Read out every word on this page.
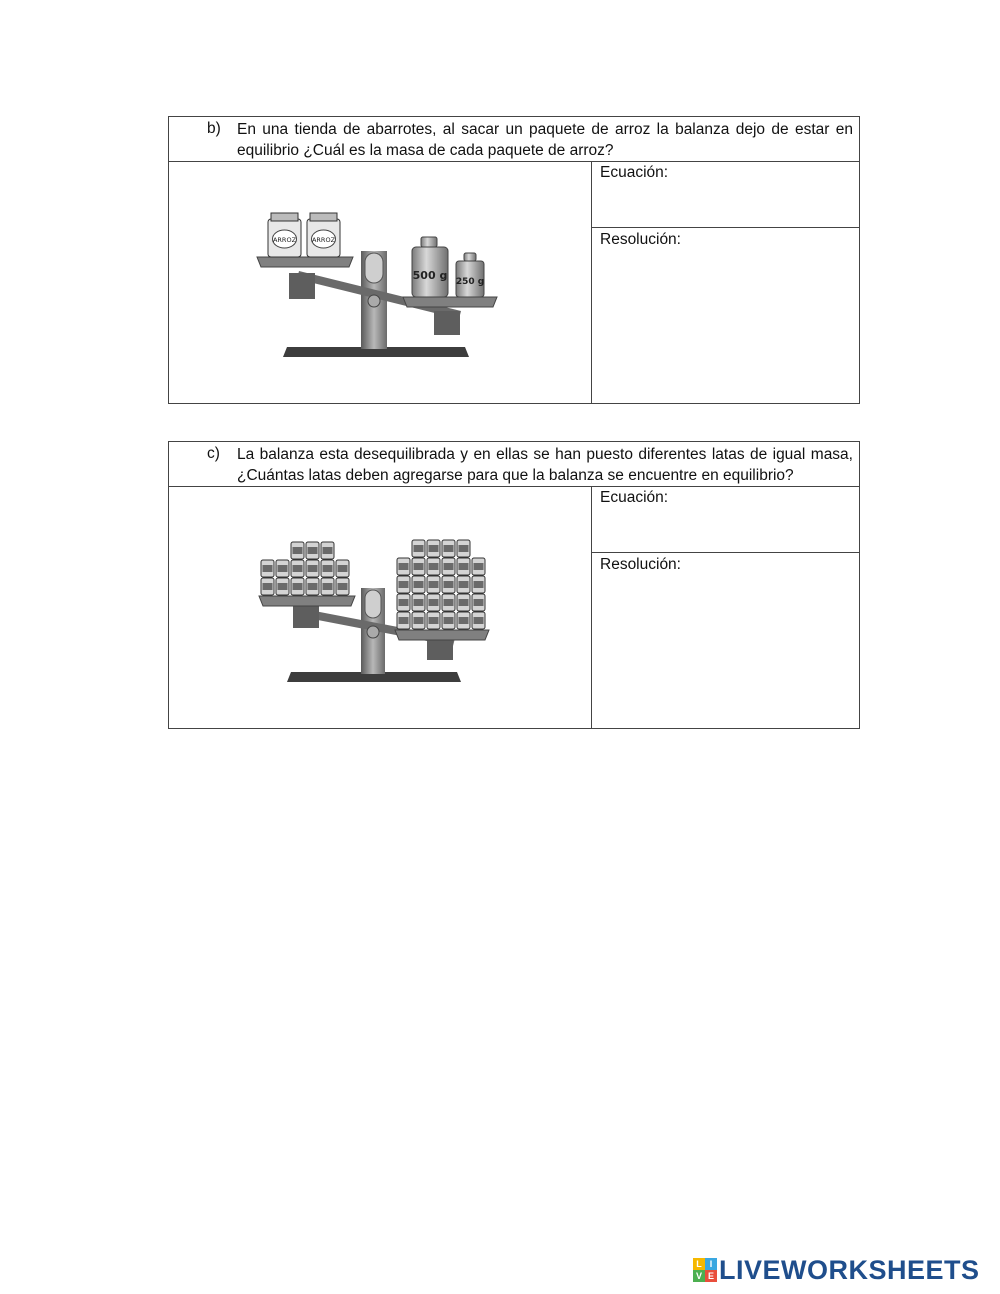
b) En una tienda de abarrotes, al sacar un paquete de arroz la balanza dejo de estar en equilibrio ¿Cuál es la masa de cada paquete de arroz?
ARROZ ARROZ
500 g 250 g
Ecuación:
Resolución:
c) La balanza esta desequilibrada y en ellas se han puesto diferentes latas de igual masa, ¿Cuántas latas deben agregarse para que la balanza se encuentre en equilibrio?
Ecuación:
Resolución:
L I
V E LIVEWORKSHEETS
